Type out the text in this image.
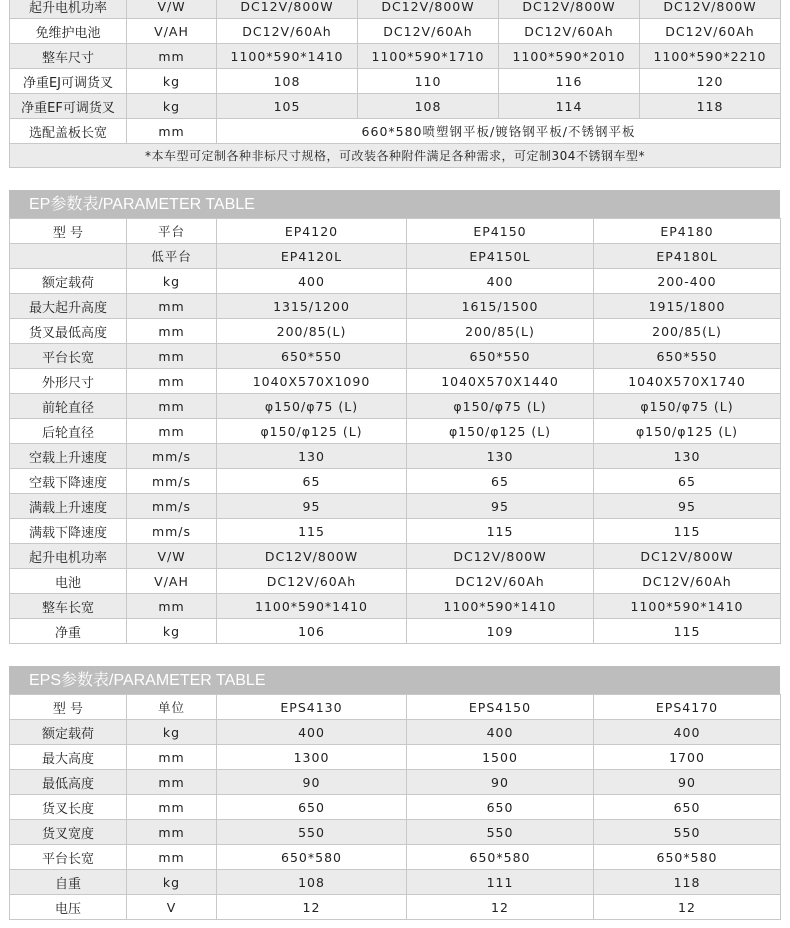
起升电机功率	V/W	DC12V/800W	DC12V/800W	DC12V/800W	DC12V/800W
免维护电池	V/AH	DC12V/60Ah	DC12V/60Ah	DC12V/60Ah	DC12V/60Ah
整车尺寸	mm	1100*590*1410	1100*590*1710	1100*590*2010	1100*590*2210
净重EJ可调货叉	kg	108	110	116	120
净重EF可调货叉	kg	105	108	114	118
选配盖板长宽	mm	660*580喷塑钢平板/镀铬钢平板/不锈钢平板			
*本车型可定制各种非标尺寸规格，可改装各种附件满足各种需求，可定制304不锈钢车型*					
EP参数表/PARAMETER TABLE
型 号	平台	EP4120	EP4150	EP4180
	低平台	EP4120L	EP4150L	EP4180L
额定载荷	kg	400	400	200-400
最大起升高度	mm	1315/1200	1615/1500	1915/1800
货叉最低高度	mm	200/85(L)	200/85(L)	200/85(L)
平台长宽	mm	650*550	650*550	650*550
外形尺寸	mm	1040X570X1090	1040X570X1440	1040X570X1740
前轮直径	mm	φ150/φ75 (L)	φ150/φ75 (L)	φ150/φ75 (L)
后轮直径	mm	φ150/φ125 (L)	φ150/φ125 (L)	φ150/φ125 (L)
空载上升速度	mm/s	130	130	130
空载下降速度	mm/s	65	65	65
满载上升速度	mm/s	95	95	95
满载下降速度	mm/s	115	115	115
起升电机功率	V/W	DC12V/800W	DC12V/800W	DC12V/800W
电池	V/AH	DC12V/60Ah	DC12V/60Ah	DC12V/60Ah
整车长宽	mm	1100*590*1410	1100*590*1410	1100*590*1410
净重	kg	106	109	115
EPS参数表/PARAMETER TABLE
型 号	单位	EPS4130	EPS4150	EPS4170
额定载荷	kg	400	400	400
最大高度	mm	1300	1500	1700
最低高度	mm	90	90	90
货叉长度	mm	650	650	650
货叉宽度	mm	550	550	550
平台长宽	mm	650*580	650*580	650*580
自重	kg	108	111	118
电压	V	12	12	12
